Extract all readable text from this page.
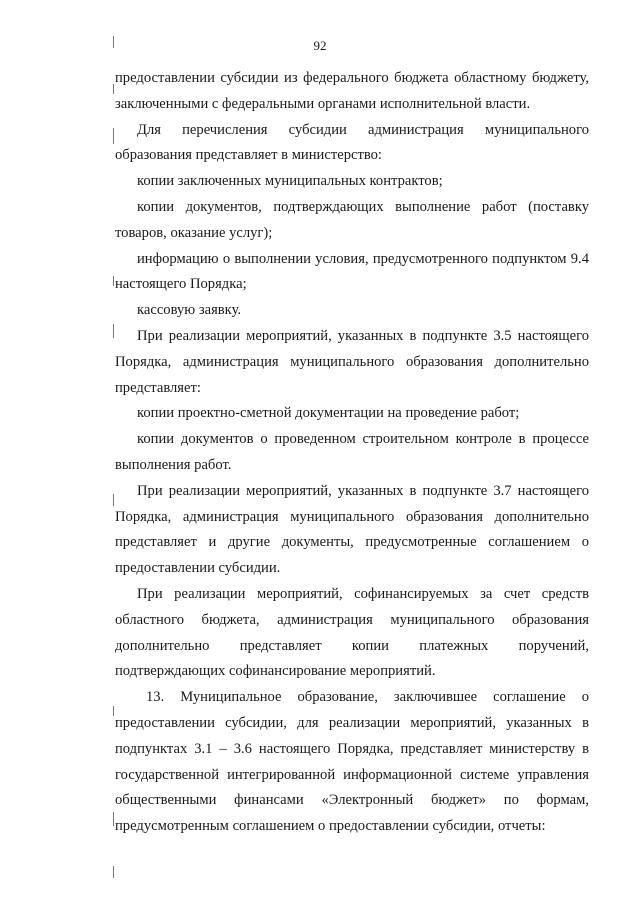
92

предоставлении субсидии из федерального бюджета областному бюджету, заключенными с федеральными органами исполнительной власти.

Для перечисления субсидии администрация муниципального образования представляет в министерство:

копии заключенных муниципальных контрактов;

копии документов, подтверждающих выполнение работ (поставку товаров, оказание услуг);

информацию о выполнении условия, предусмотренного подпунктом 9.4 настоящего Порядка;

кассовую заявку.

При реализации мероприятий, указанных в подпункте 3.5 настоящего Порядка, администрация муниципального образования дополнительно представляет:

копии проектно-сметной документации на проведение работ;

копии документов о проведенном строительном контроле в процессе выполнения работ.

При реализации мероприятий, указанных в подпункте 3.7 настоящего Порядка, администрация муниципального образования дополнительно представляет и другие документы, предусмотренные соглашением о предоставлении субсидии.

При реализации мероприятий, софинансируемых за счет средств областного бюджета, администрация муниципального образования дополнительно представляет копии платежных поручений, подтверждающих софинансирование мероприятий.

13. Муниципальное образование, заключившее соглашение о предоставлении субсидии, для реализации мероприятий, указанных в подпунктах 3.1 – 3.6 настоящего Порядка, представляет министерству в государственной интегрированной информационной системе управления общественными финансами «Электронный бюджет» по формам, предусмотренным соглашением о предоставлении субсидии, отчеты:
